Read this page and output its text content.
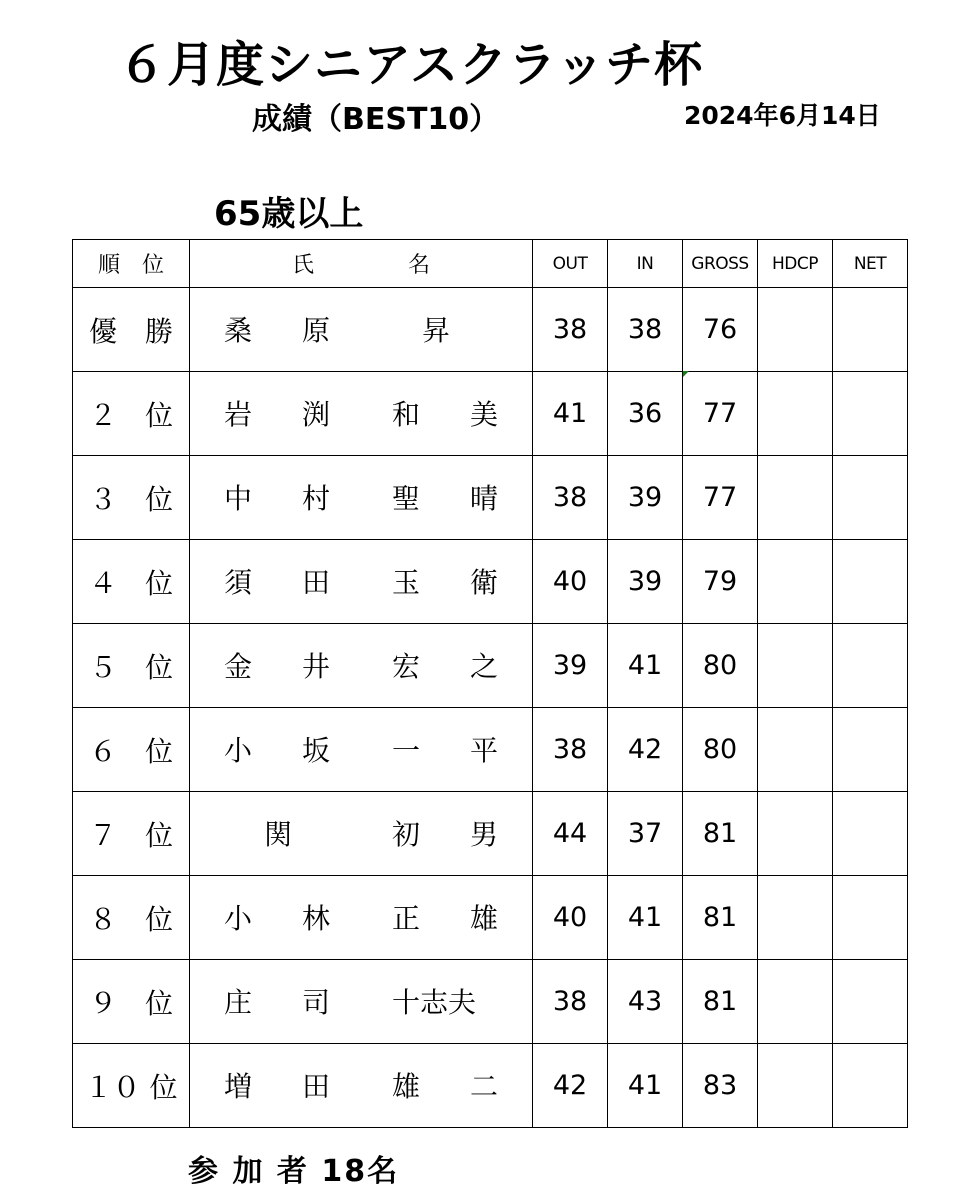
６月度シニアスクラッチ杯
成績（BEST10）	2024年6月14日
65歳以上
順　位	氏 名	OUT	IN	GROSS	HDCP	NET
優　勝	桑 原 昇	38	38	76		
２　位	岩 渕 和 美	41	36	77		
３　位	中 村 聖 晴	38	39	77		
４　位	須 田 玉 衛	40	39	79		
５　位	金 井 宏 之	39	41	80		
６　位	小 坂 一 平	38	42	80		
７　位	関 初 男	44	37	81		
８　位	小 林 正 雄	40	41	81		
９　位	庄 司 十志夫	38	43	81		
１０ 位	増 田 雄 二	42	41	83		
参 加 者 18名
